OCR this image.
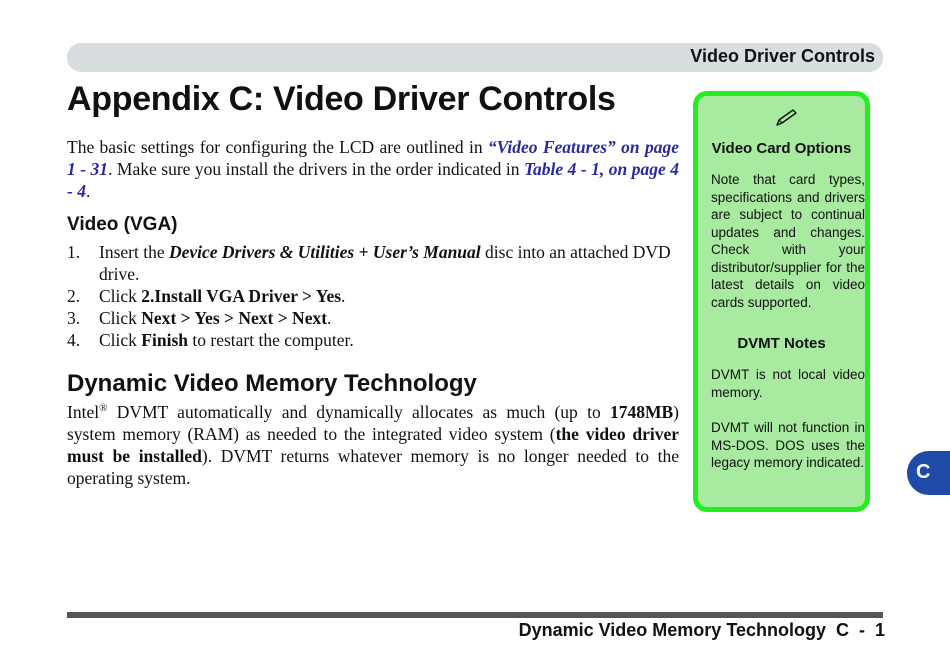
Video Driver Controls
Appendix C: Video Driver Controls

The basic settings for configuring the LCD are outlined in “Video Features” on page 1 - 31. Make sure you install the drivers in the order indicated in Table 4 - 1, on page 4 - 4.

Video (VGA)
1. Insert the Device Drivers & Utilities + User’s Manual disc into an attached DVD drive.
2. Click 2.Install VGA Driver > Yes.
3. Click Next > Yes > Next > Next.
4. Click Finish to restart the computer.
Dynamic Video Memory Technology

Intel® DVMT automatically and dynamically allocates as much (up to 1748MB) system memory (RAM) as needed to the integrated video system (the video driver must be installed). DVMT returns whatever memory is no longer needed to the operating system.

Video Card Options

Note that card types, specifications and drivers are subject to continual updates and changes. Check with your distributor/supplier for the latest details on video cards supported.

DVMT Notes

DVMT is not local video memory.

DVMT will not function in MS-DOS. DOS uses the legacy memory indicated.	C
Dynamic Video Memory Technology  C  -  1
